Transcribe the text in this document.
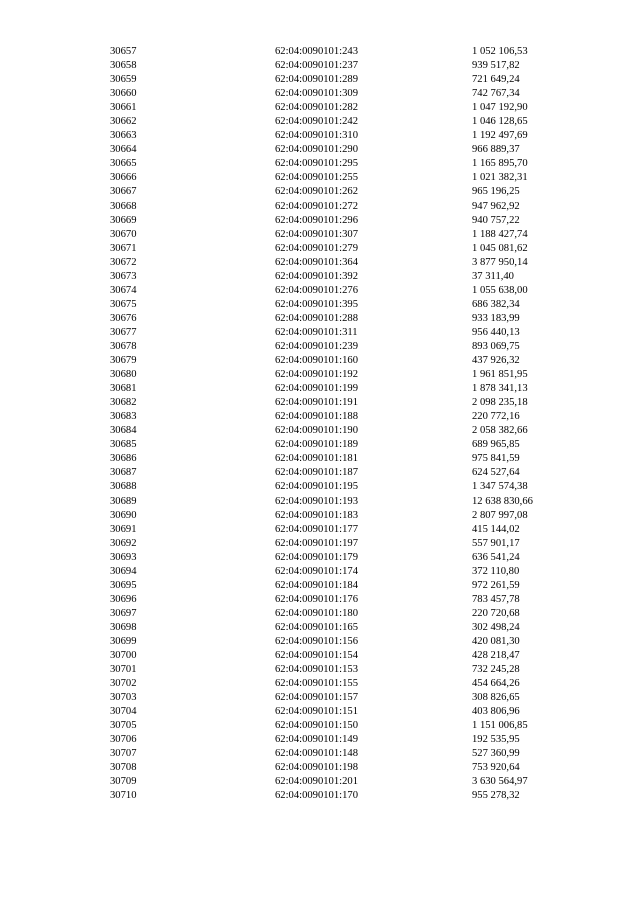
30657	62:04:0090101:243	1 052 106,53
30658	62:04:0090101:237	939 517,82
30659	62:04:0090101:289	721 649,24
30660	62:04:0090101:309	742 767,34
30661	62:04:0090101:282	1 047 192,90
30662	62:04:0090101:242	1 046 128,65
30663	62:04:0090101:310	1 192 497,69
30664	62:04:0090101:290	966 889,37
30665	62:04:0090101:295	1 165 895,70
30666	62:04:0090101:255	1 021 382,31
30667	62:04:0090101:262	965 196,25
30668	62:04:0090101:272	947 962,92
30669	62:04:0090101:296	940 757,22
30670	62:04:0090101:307	1 188 427,74
30671	62:04:0090101:279	1 045 081,62
30672	62:04:0090101:364	3 877 950,14
30673	62:04:0090101:392	37 311,40
30674	62:04:0090101:276	1 055 638,00
30675	62:04:0090101:395	686 382,34
30676	62:04:0090101:288	933 183,99
30677	62:04:0090101:311	956 440,13
30678	62:04:0090101:239	893 069,75
30679	62:04:0090101:160	437 926,32
30680	62:04:0090101:192	1 961 851,95
30681	62:04:0090101:199	1 878 341,13
30682	62:04:0090101:191	2 098 235,18
30683	62:04:0090101:188	220 772,16
30684	62:04:0090101:190	2 058 382,66
30685	62:04:0090101:189	689 965,85
30686	62:04:0090101:181	975 841,59
30687	62:04:0090101:187	624 527,64
30688	62:04:0090101:195	1 347 574,38
30689	62:04:0090101:193	12 638 830,66
30690	62:04:0090101:183	2 807 997,08
30691	62:04:0090101:177	415 144,02
30692	62:04:0090101:197	557 901,17
30693	62:04:0090101:179	636 541,24
30694	62:04:0090101:174	372 110,80
30695	62:04:0090101:184	972 261,59
30696	62:04:0090101:176	783 457,78
30697	62:04:0090101:180	220 720,68
30698	62:04:0090101:165	302 498,24
30699	62:04:0090101:156	420 081,30
30700	62:04:0090101:154	428 218,47
30701	62:04:0090101:153	732 245,28
30702	62:04:0090101:155	454 664,26
30703	62:04:0090101:157	308 826,65
30704	62:04:0090101:151	403 806,96
30705	62:04:0090101:150	1 151 006,85
30706	62:04:0090101:149	192 535,95
30707	62:04:0090101:148	527 360,99
30708	62:04:0090101:198	753 920,64
30709	62:04:0090101:201	3 630 564,97
30710	62:04:0090101:170	955 278,32
